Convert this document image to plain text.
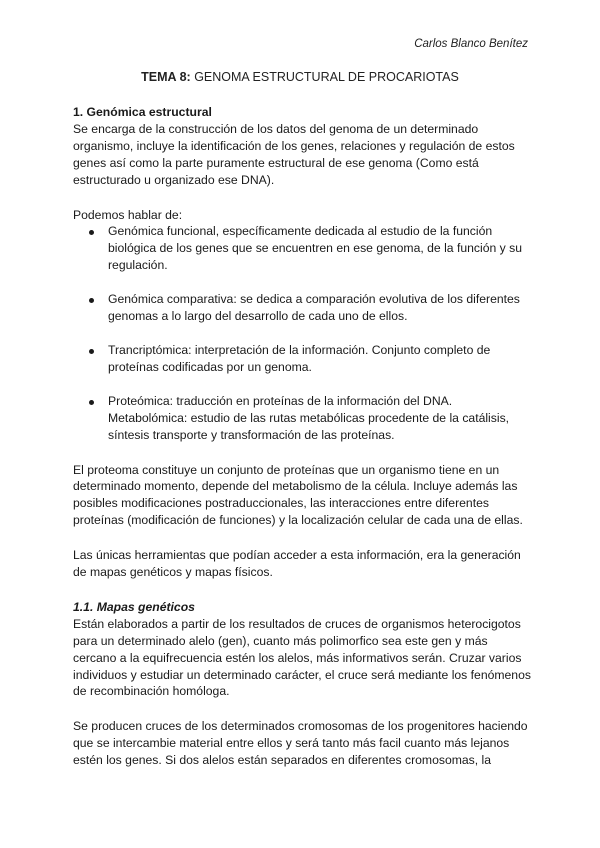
Carlos Blanco Benítez
TEMA 8: GENOMA ESTRUCTURAL DE PROCARIOTAS

1. Genómica estructural

Se encarga de la construcción de los datos del genoma de un determinado organismo, incluye la identificación de los genes, relaciones y regulación de estos genes así como la parte puramente estructural de ese genoma (Como está estructurado u organizado ese DNA).

Podemos hablar de:

Genómica funcional, específicamente dedicada al estudio de la función biológica de los genes que se encuentren en ese genoma, de la función y su regulación.
Genómica comparativa: se dedica a comparación evolutiva de los diferentes genomas a lo largo del desarrollo de cada uno de ellos.
Trancriptómica: interpretación de la información. Conjunto completo de proteínas codificadas por un genoma.
Proteómica: traducción en proteínas de la información del DNA. Metabolómica: estudio de las rutas metabólicas procedente de la catálisis, síntesis transporte y transformación de las proteínas.

El proteoma constituye un conjunto de proteínas que un organismo tiene en un determinado momento, depende del metabolismo de la célula. Incluye además las posibles modificaciones postraduccionales, las interacciones entre diferentes proteínas (modificación de funciones) y la localización celular de cada una de ellas.

Las únicas herramientas que podían acceder a esta información, era la generación de mapas genéticos y mapas físicos.

1.1. Mapas genéticos

Están elaborados a partir de los resultados de cruces de organismos heterocigotos para un determinado alelo (gen), cuanto más polimorfico sea este gen y más cercano a la equifrecuencia estén los alelos, más informativos serán. Cruzar varios individuos y estudiar un determinado carácter, el cruce será mediante los fenómenos de recombinación homóloga.

Se producen cruces de los determinados cromosomas de los progenitores haciendo que se intercambie material entre ellos y será tanto más facil cuanto más lejanos estén los genes. Si dos alelos están separados en diferentes cromosomas, la
